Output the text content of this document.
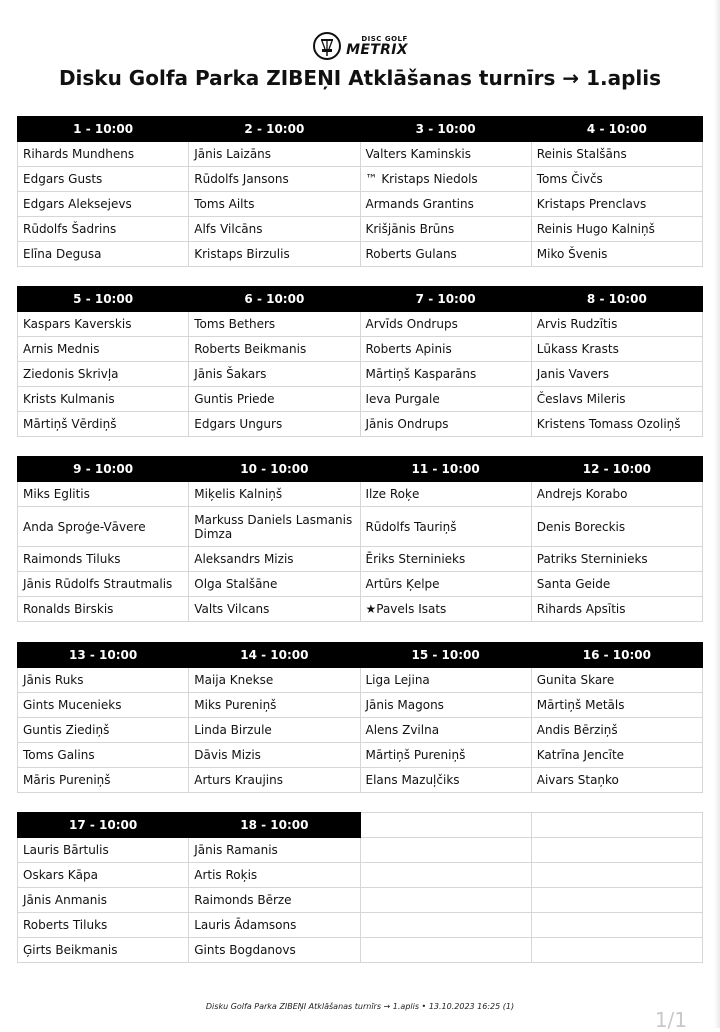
DISC GOLF
METRIX
Disku Golfa Parka ZIBEŅI Atklāšanas turnīrs → 1.aplis
1 - 10:00	2 - 10:00	3 - 10:00	4 - 10:00
Rihards Mundhens	Jānis Laizāns	Valters Kaminskis	Reinis Stalšāns
Edgars Gusts	Rūdolfs Jansons	™ Kristaps Niedols	Toms Čivčs
Edgars Aleksejevs	Toms Ailts	Armands Grantins	Kristaps Prenclavs
Rūdolfs Šadrins	Alfs Vilcāns	Krišjānis Brūns	Reinis Hugo Kalniņš
Elīna Degusa	Kristaps Birzulis	Roberts Gulans	Miko Švenis
5 - 10:00	6 - 10:00	7 - 10:00	8 - 10:00
Kaspars Kaverskis	Toms Bethers	Arvīds Ondrups	Arvis Rudzītis
Arnis Mednis	Roberts Beikmanis	Roberts Apinis	Lūkass Krasts
Ziedonis Skrivļa	Jānis Šakars	Mārtiņš Kasparāns	Janis Vavers
Krists Kulmanis	Guntis Priede	Ieva Purgale	Česlavs Mileris
Mārtiņš Vērdiņš	Edgars Ungurs	Jānis Ondrups	Kristens Tomass Ozoliņš
9 - 10:00	10 - 10:00	11 - 10:00	12 - 10:00
Miks Eglitis	Miķelis Kalniņš	Ilze Roķe	Andrejs Korabo
Anda Sproģe-Vāvere	Markuss Daniels Lasmanis Dimza	Rūdolfs Tauriņš	Denis Boreckis
Raimonds Tiluks	Aleksandrs Mizis	Ēriks Sterninieks	Patriks Sterninieks
Jānis Rūdolfs Strautmalis	Olga Stalšāne	Artūrs Ķelpe	Santa Geide
Ronalds Birskis	Valts Vilcans	★Pavels Isats	Rihards Apsītis
13 - 10:00	14 - 10:00	15 - 10:00	16 - 10:00
Jānis Ruks	Maija Knekse	Liga Lejina	Gunita Skare
Gints Mucenieks	Miks Pureniņš	Jānis Magons	Mārtiņš Metāls
Guntis Ziediņš	Linda Birzule	Alens Zvilna	Andis Bērziņš
Toms Galins	Dāvis Mizis	Mārtiņš Pureniņš	Katrīna Jencīte
Māris Pureniņš	Arturs Kraujins	Elans Mazuļčiks	Aivars Staņko
17 - 10:00	18 - 10:00		
Lauris Bārtulis	Jānis Ramanis		
Oskars Kāpa	Artis Roķis		
Jānis Anmanis	Raimonds Bērze		
Roberts Tiluks	Lauris Ādamsons		
Ģirts Beikmanis	Gints Bogdanovs		
Disku Golfa Parka ZIBEŅI Atklāšanas turnīrs → 1.aplis • 13.10.2023 16:25 (1)
1/1
